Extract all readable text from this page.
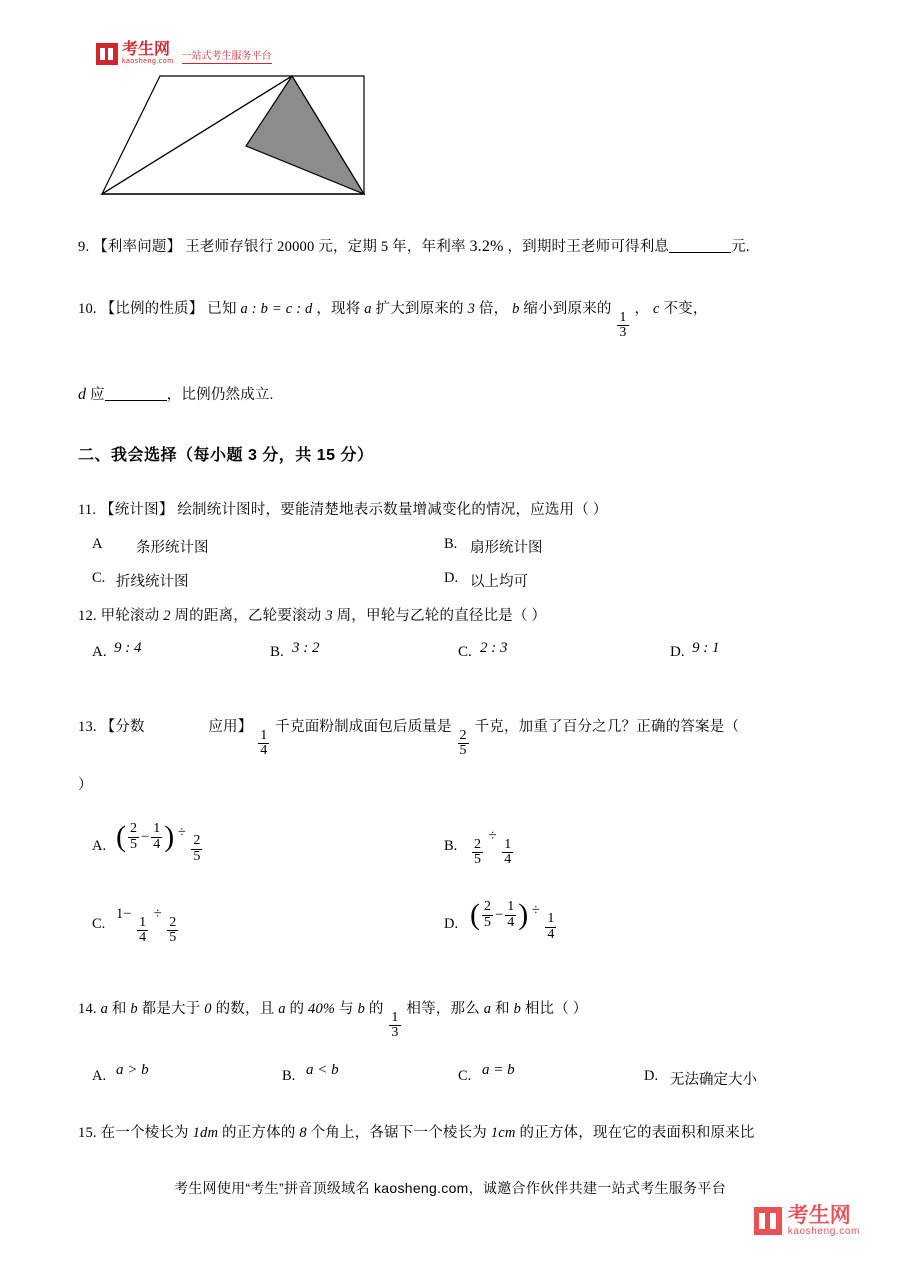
考生网
kaosheng.com 一站式考生服务平台
9. 【利率问题】 王老师存银行 20000 元，定期 5 年，年利率 3.2% ，到期时王老师可得利息	元.
10. 【比例的性质】 已知 a : b = c : d ，现将 a 扩大到原来的 3 倍， b 缩小到原来的
$\frac{1}{3}$
， c 不变，
d 应	，比例仍然成立.
二、我会选择（每小题 3 分，共 15 分）
11. 【统计图】 绘制统计图时，要能清楚地表示数量增减变化的情况，应选用（ ）
A 条形统计图	B. 扇形统计图
C. 折线统计图	D. 以上均可
12. 甲轮滚动 2 周的距离，乙轮要滚动 3 周，甲轮与乙轮的直径比是（ ）
A. 9 : 4	B. 3 : 2	C. 2 : 3	D. 9 : 1
13. 【分数	应用】
$\frac{1}{4}$
千克面粉制成面包后质量是
$\frac{2}{5}$
千克，加重了百分之几？正确的答案是（
）
A. ( $\frac{2}{5} - \frac{1}{4}$ ) ÷
$\frac{2}{5}$	B. $\frac{2}{5}$
÷
$\frac{1}{4}$
C.
1−
$\frac{1}{4}$
÷
$\frac{2}{5}$	D. ( $\frac{2}{5} - \frac{1}{4}$ ) ÷
$\frac{1}{4}$
14. a 和 b 都是大于 0 的数，且 a 的 40% 与 b 的
$\frac{1}{3}$
相等，那么 a 和 b 相比（ ）
A. a > b	B. a < b	C. a = b	D. 无法确定大小
15. 在一个棱长为 1dm 的正方体的 8 个角上，各锯下一个棱长为 1cm 的正方体，现在它的表面积和原来比
考生网使用“考生”拼音顶级域名 kaosheng.com，诚邀合作伙伴共建一站式考生服务平台
考生网
kaosheng.com
